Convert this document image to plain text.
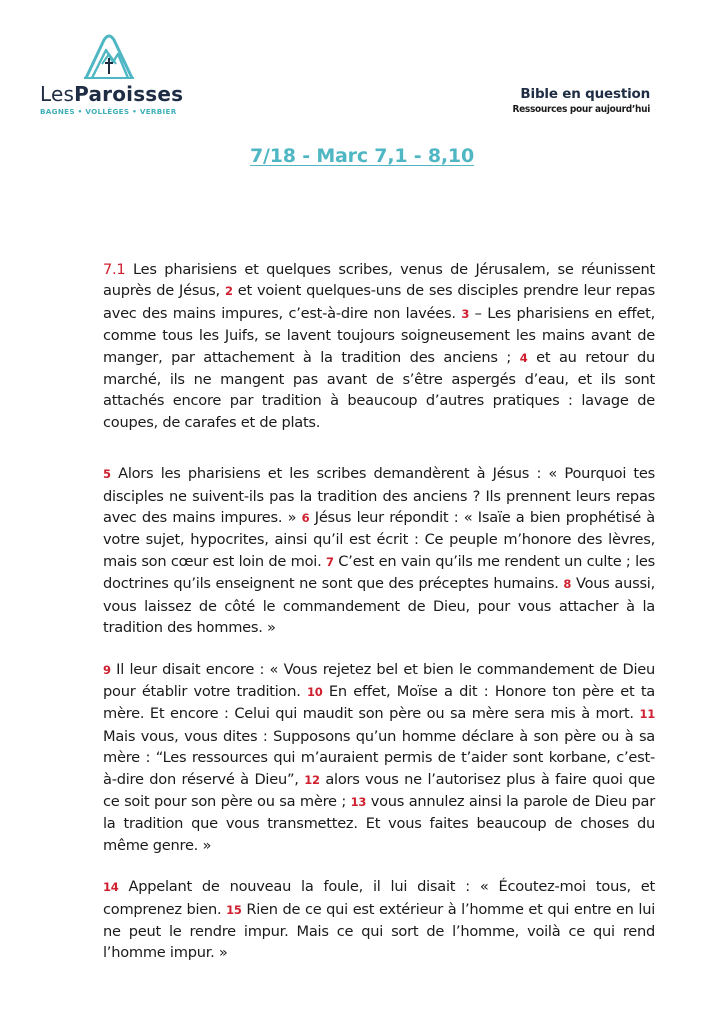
LesParoisses
BAGNES • VOLLÈGES • VERBIER
Bible en question
Ressources pour aujourd’hui
7/18 - Marc 7,1 - 8,10

7.1 Les pharisiens et quelques scribes, venus de Jérusalem, se réunissent auprès de Jésus, 2 et voient quelques-uns de ses disciples prendre leur repas avec des mains impures, c’est-à-dire non lavées. 3 – Les pharisiens en effet, comme tous les Juifs, se lavent toujours soigneusement les mains avant de manger, par attachement à la tradition des anciens ; 4 et au retour du marché, ils ne mangent pas avant de s’être aspergés d’eau, et ils sont attachés encore par tradition à beaucoup d’autres pratiques : lavage de coupes, de carafes et de plats.

5 Alors les pharisiens et les scribes demandèrent à Jésus : « Pourquoi tes disciples ne suivent-ils pas la tradition des anciens ? Ils prennent leurs repas avec des mains impures. » 6 Jésus leur répondit : « Isaïe a bien prophétisé à votre sujet, hypocrites, ainsi qu’il est écrit : Ce peuple m’honore des lèvres, mais son cœur est loin de moi. 7 C’est en vain qu’ils me rendent un culte ; les doctrines qu’ils enseignent ne sont que des préceptes humains. 8 Vous aussi, vous laissez de côté le commandement de Dieu, pour vous attacher à la tradition des hommes. »

9 Il leur disait encore : « Vous rejetez bel et bien le commandement de Dieu pour établir votre tradition. 10 En effet, Moïse a dit : Honore ton père et ta mère. Et encore : Celui qui maudit son père ou sa mère sera mis à mort. 11 Mais vous, vous dites : Supposons qu’un homme déclare à son père ou à sa mère : “Les ressources qui m’auraient permis de t’aider sont korbane, c’est-à-dire don réservé à Dieu”, 12 alors vous ne l’autorisez plus à faire quoi que ce soit pour son père ou sa mère ; 13 vous annulez ainsi la parole de Dieu par la tradition que vous transmettez. Et vous faites beaucoup de choses du même genre. »

14 Appelant de nouveau la foule, il lui disait : « Écoutez-moi tous, et comprenez bien. 15 Rien de ce qui est extérieur à l’homme et qui entre en lui ne peut le rendre impur. Mais ce qui sort de l’homme, voilà ce qui rend l’homme impur. »
